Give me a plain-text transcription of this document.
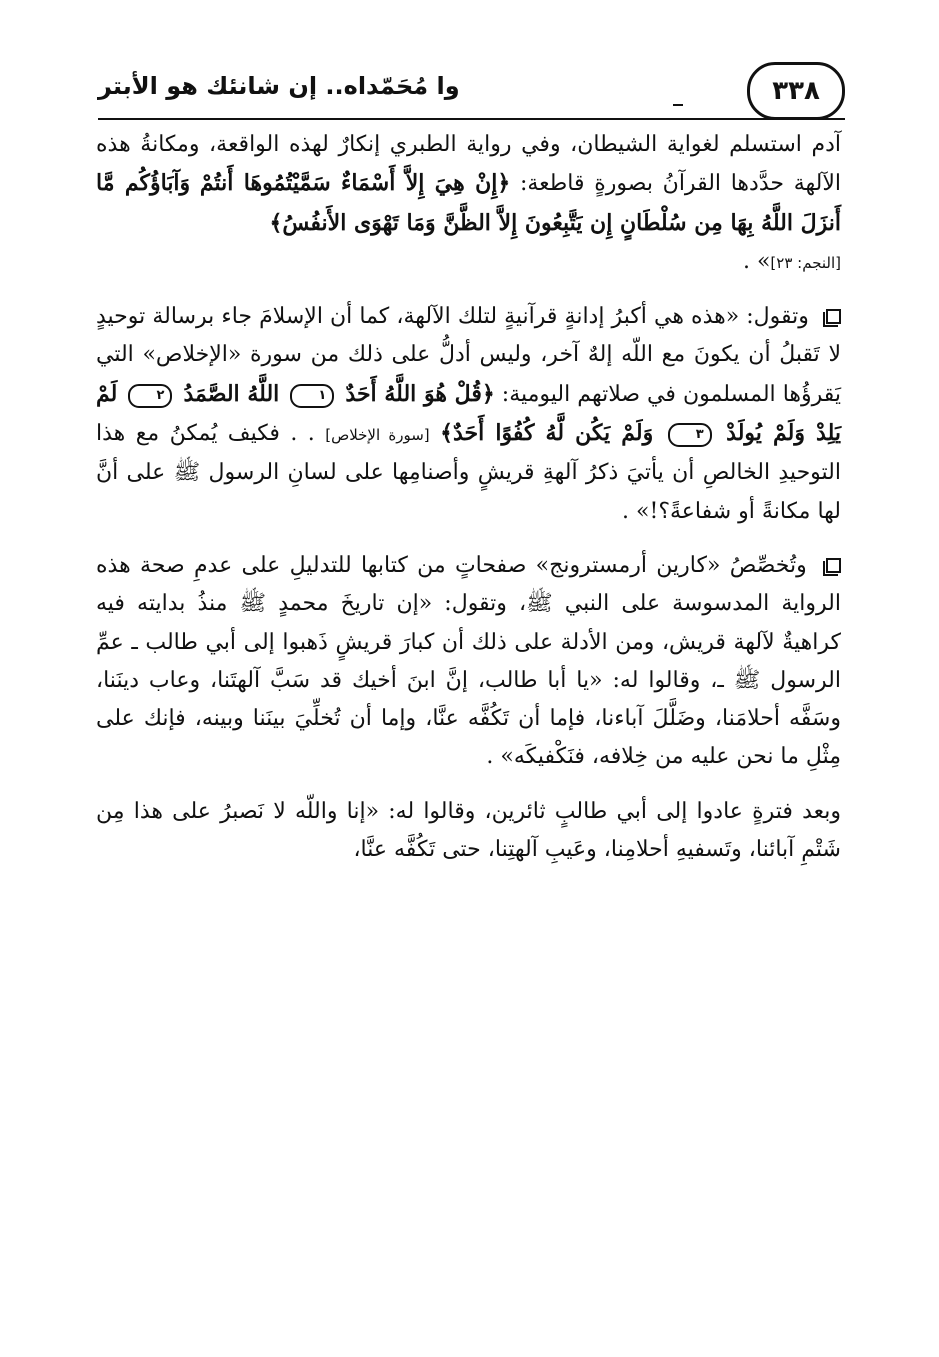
٣٣٨
وا مُحَمّداه.. إن شانئك هو الأبتر

آدم استسلم لغواية الشيطان، وفي رواية الطبري إنكارٌ لهذه الواقعة، ومكانةُ هذه الآلهة حدَّدها القرآنُ بصورةٍ قاطعة: ﴿إِنْ هِيَ إِلاَّ أَسْمَاءٌ سَمَّيْتُمُوهَا أَنتُمْ وَآبَاؤُكُم مَّا أَنزَلَ اللَّهُ بِهَا مِن سُلْطَانٍ إِن يَتَّبِعُونَ إِلاَّ الظَّنَّ وَمَا تَهْوَى الأَنفُسُ﴾
[النجم: ٢٣]» .

وتقول: «هذه هي أكبرُ إدانةٍ قرآنيةٍ لتلك الآلهة، كما أن الإسلامَ جاء برسالة توحيدٍ لا تَقبلُ أن يكونَ مع اللّه إلهٌ آخر، وليس أدلُّ على ذلك من سورة «الإخلاص» التي يَقرؤُها المسلمون في صلاتهم اليومية: ﴿قُلْ هُوَ اللَّهُ أَحَدٌ ١ اللَّهُ الصَّمَدُ ٢ لَمْ يَلِدْ وَلَمْ يُولَدْ ٣ وَلَمْ يَكُن لَّهُ كُفُوًا أَحَدٌ﴾ [سورة الإخلاص] . . فكيف يُمكنُ مع هذا التوحيدِ الخالصِ أن يأتيَ ذكرُ آلهةِ قريشٍ وأصنامِها على لسانِ الرسول ﷺ على أنَّ لها مكانةً أو شفاعةً؟!» .

وتُخصِّصُ «كارين أرمسترونج» صفحاتٍ من كتابها للتدليلِ على عدمِ صحة هذه الرواية المدسوسة على النبي ﷺ، وتقول: «إن تاريخَ محمدٍ ﷺ منذُ بدايته فيه كراهيةٌ لآلهة قريش، ومن الأدلة على ذلك أن كبارَ قريشٍ ذَهبوا إلى أبي طالب ـ عمِّ الرسول ﷺ ـ، وقالوا له: «يا أبا طالب، إنَّ ابنَ أخيك قد سَبَّ آلهتَنا، وعاب دينَنا، وسَفَّه أحلامَنا، وضَلَّلَ آباءنا، فإما أن تَكُفَّه عنَّا، وإما أن تُخلِّيَ بينَنا وبينه، فإنك على مِثْلِ ما نحن عليه من خِلافه، فنَكْفيكَه» .

وبعد فترةٍ عادوا إلى أبي طالبٍ ثائرين، وقالوا له: «إنا واللّه لا نَصبرُ على هذا مِن شَتْمِ آبائنا، وتَسفيهِ أحلامِنا، وعَيبِ آلهتِنا، حتى تَكُفَّه عنَّا،
